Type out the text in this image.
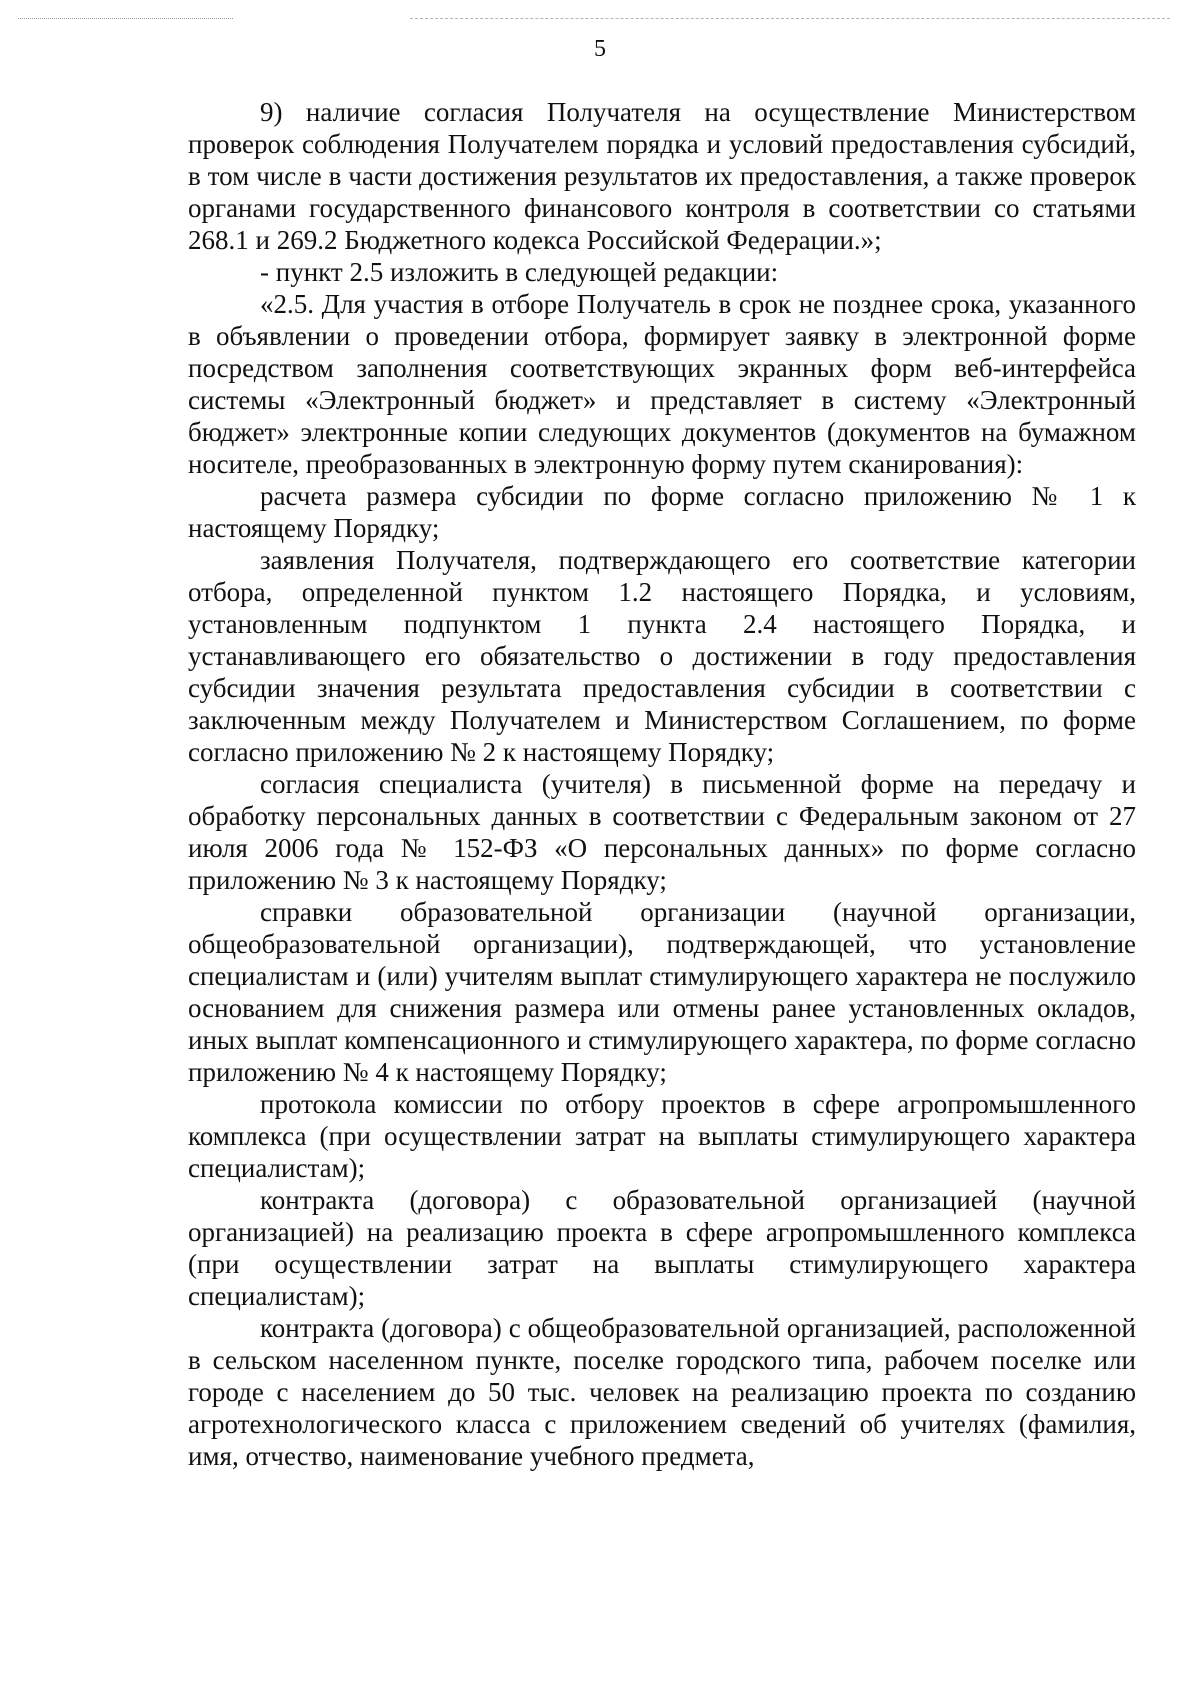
5

9) наличие согласия Получателя на осуществление Министерством проверок соблюдения Получателем порядка и условий предоставления субсидий, в том числе в части достижения результатов их предоставления, а также проверок органами государственного финансового контроля в соответствии со статьями 268.1 и 269.2 Бюджетного кодекса Российской Федерации.»;

- пункт 2.5 изложить в следующей редакции:

«2.5. Для участия в отборе Получатель в срок не позднее срока, указанного в объявлении о проведении отбора, формирует заявку в электронной форме посредством заполнения соответствующих экранных форм веб-интерфейса системы «Электронный бюджет» и представляет в систему «Электронный бюджет» электронные копии следующих документов (документов на бумажном носителе, преобразованных в электронную форму путем сканирования):

расчета размера субсидии по форме согласно приложению № 1 к настоящему Порядку;

заявления Получателя, подтверждающего его соответствие категории отбора, определенной пунктом 1.2 настоящего Порядка, и условиям, установленным подпунктом 1 пункта 2.4 настоящего Порядка, и устанавливающего его обязательство о достижении в году предоставления субсидии значения результата предоставления субсидии в соответствии с заключенным между Получателем и Министерством Соглашением, по форме согласно приложению № 2 к настоящему Порядку;

согласия специалиста (учителя) в письменной форме на передачу и обработку персональных данных в соответствии с Федеральным законом от 27 июля 2006 года № 152-ФЗ «О персональных данных» по форме согласно приложению № 3 к настоящему Порядку;

справки образовательной организации (научной организации, общеобразовательной организации), подтверждающей, что установление специалистам и (или) учителям выплат стимулирующего характера не послужило основанием для снижения размера или отмены ранее установленных окладов, иных выплат компенсационного и стимулирующего характера, по форме согласно приложению № 4 к настоящему Порядку;

протокола комиссии по отбору проектов в сфере агропромышленного комплекса (при осуществлении затрат на выплаты стимулирующего характера специалистам);

контракта (договора) с образовательной организацией (научной организацией) на реализацию проекта в сфере агропромышленного комплекса (при осуществлении затрат на выплаты стимулирующего характера специалистам);

контракта (договора) с общеобразовательной организацией, расположенной в сельском населенном пункте, поселке городского типа, рабочем поселке или городе с населением до 50 тыс. человек на реализацию проекта по созданию агротехнологического класса с приложением сведений об учителях (фамилия, имя, отчество, наименование учебного предмета,
